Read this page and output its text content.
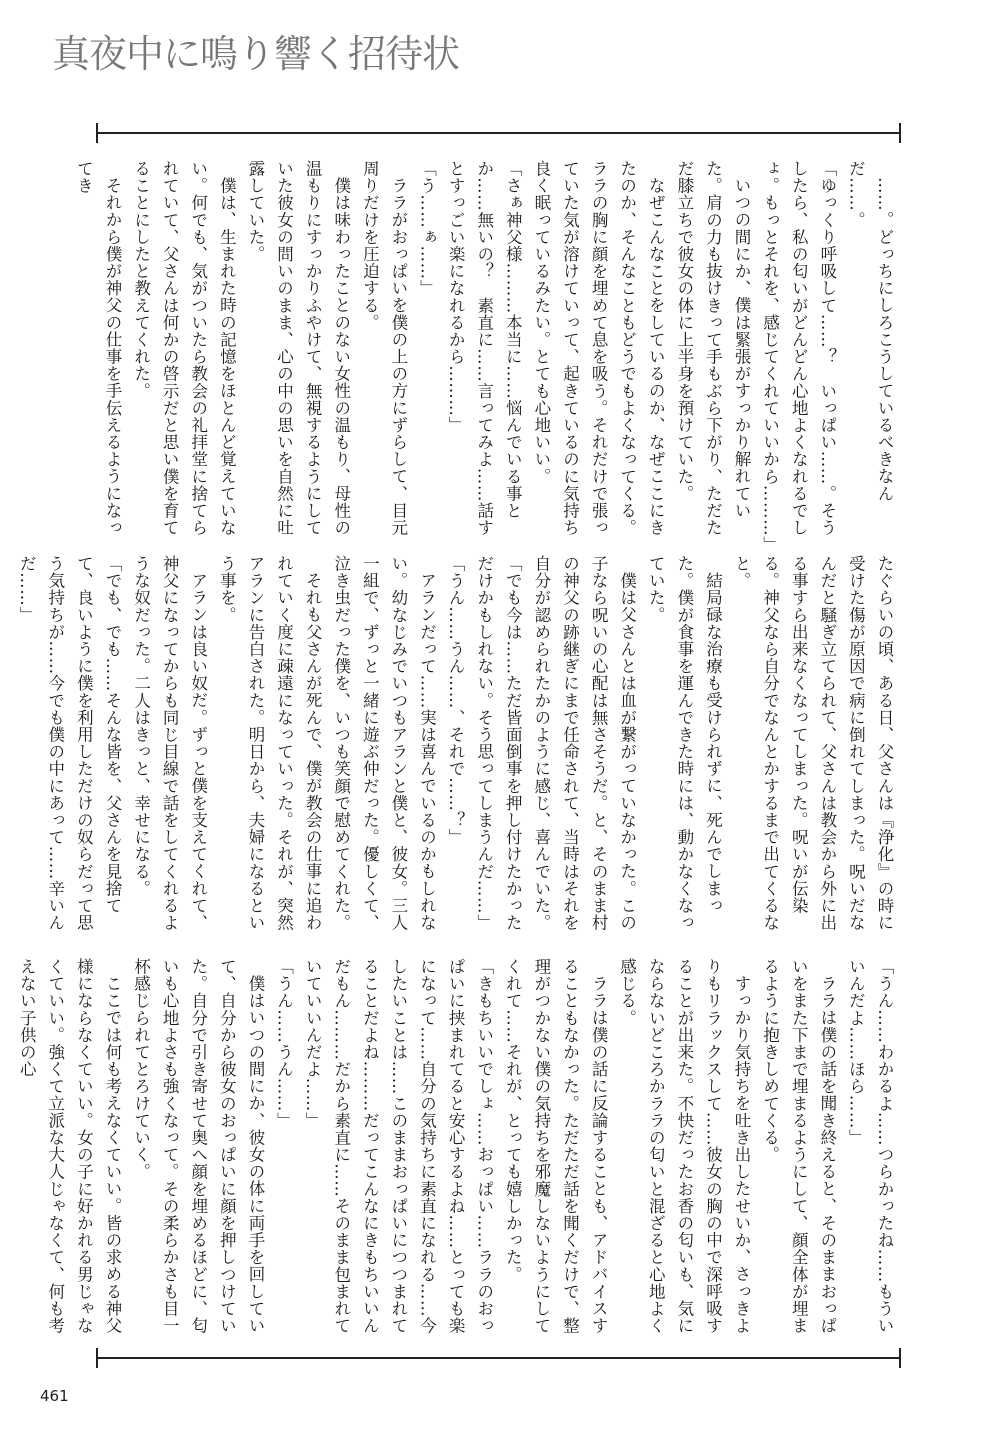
真夜中に鳴り響く招待状

……。どっちにしろこうしているべきなんだ……。

「ゆっくり呼吸して……？　いっぱい……。そうしたら、私の匂いがどんどん心地よくなれるでしょ。もっとそれを、感じてくれていいから………」

いつの間にか、僕は緊張がすっかり解れていた。肩の力も抜けきって手もぶら下がり、ただただ膝立ちで彼女の体に上半身を預けていた。

なぜこんなことをしているのか、なぜここにきたのか、そんなこともどうでもよくなってくる。ララの胸に顔を埋めて息を吸う。それだけで張っていた気が溶けていって、起きているのに気持ち良く眠っているみたい。とても心地いい。

「さぁ神父様………本当に……悩んでいる事とか……無いの？　素直に……言ってみよ……話すとすっごい楽になれるから………」

「う……ぁ……」

ララがおっぱいを僕の上の方にずらして、目元周りだけを圧迫する。

僕は味わったことのない女性の温もり、母性の温もりにすっかりふやけて、無視するようにしていた彼女の問いのまま、心の中の思いを自然に吐露していた。

僕は、生まれた時の記憶をほとんど覚えていない。何でも、気がついたら教会の礼拝堂に捨てられていて、父さんは何かの啓示だと思い僕を育てることにしたと教えてくれた。

それから僕が神父の仕事を手伝えるようになってき

たぐらいの頃、ある日、父さんは『浄化』の時に受けた傷が原因で病に倒れてしまった。呪いだなんだと騒ぎ立てられて、父さんは教会から外に出る事すら出来なくなってしまった。呪いが伝染る。神父なら自分でなんとかするまで出てくるなと。

結局碌な治療も受けられずに、死んでしまった。僕が食事を運んできた時には、動かなくなっていた。

僕は父さんとは血が繋がっていなかった。この子なら呪いの心配は無さそうだ。と、そのまま村の神父の跡継ぎにまで任命されて、当時はそれを自分が認められたかのように感じ、喜んでいた。

「でも今は……ただ皆面倒事を押し付けたかっただけかもしれない。そう思ってしまうんだ……」

「うん……うん……、それで……？」

アランだって……実は喜んでいるのかもしれない。幼なじみでいつもアランと僕と、彼女。三人一組で、ずっと一緒に遊ぶ仲だった。優しくて、泣き虫だった僕を、いつも笑顔で慰めてくれた。

それも父さんが死んで、僕が教会の仕事に追われていく度に疎遠になっていった。それが、突然アランに告白された。明日から、夫婦になるという事を。

アランは良い奴だ。ずっと僕を支えてくれて、神父になってからも同じ目線で話をしてくれるような奴だった。二人はきっと、幸せになる。

「でも、でも……そんな皆を、父さんを見捨てて、良いように僕を利用しただけの奴らだって思う気持ちが……今でも僕の中にあって……辛いんだ……」

「うん……わかるよ……つらかったね……もういいんだよ……ほら……」

ララは僕の話を聞き終えると、そのままおっぱいをまた下まで埋まるようにして、顔全体が埋まるように抱きしめてくる。

すっかり気持ちを吐き出したせいか、さっきよりもリラックスして……彼女の胸の中で深呼吸することが出来た。不快だったお香の匂いも、気にならないどころかララの匂いと混ざると心地よく感じる。

ララは僕の話に反論することも、アドバイスすることもなかった。ただただ話を聞くだけで、整理がつかない僕の気持ちを邪魔しないようにしてくれて……それが、とっても嬉しかった。

「きもちいいでしょ……おっぱい……ララのおっぱいに挟まれてると安心するよね……とっても楽になって……自分の気持ちに素直になれる……今したいことは……このままおっぱいにつつまれてることだよね………だってこんなにきもちいいんだもん………だから素直に……そのまま包まれていていいんだよ……」

「うん……うん……」

僕はいつの間にか、彼女の体に両手を回していて、自分から彼女のおっぱいに顔を押しつけていた。自分で引き寄せて奥へ顔を埋めるほどに、匂いも心地よさも強くなって。その柔らかさも目一杯感じられてとろけていく。

ここでは何も考えなくていい。皆の求める神父様にならなくていい。女の子に好かれる男じゃなくていい。強くて立派な大人じゃなくて、何も考えない子供の心

461
